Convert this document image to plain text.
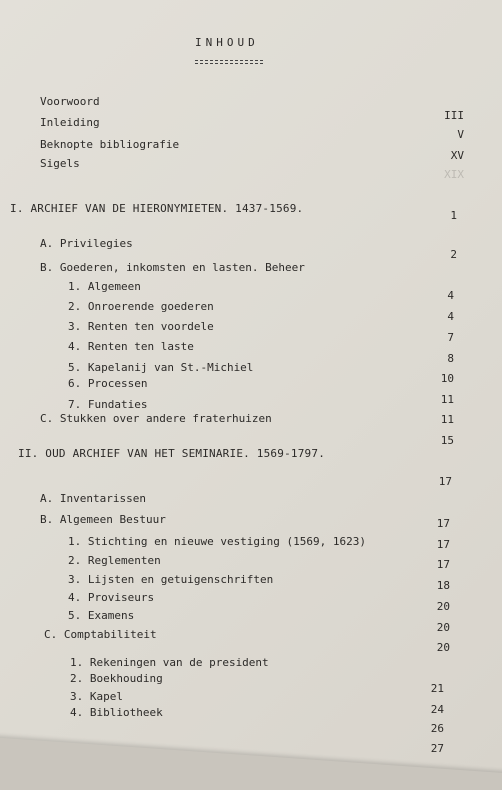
INHOUD
Voorwoord
Inleiding
Beknopte bibliografie
Sigels
III
V
XV
XIX
I. ARCHIEF VAN DE HIERONYMIETEN. 1437-1569.
1
A. Privilegies
2
B. Goederen, inkomsten en lasten. Beheer
1. Algemeen
2. Onroerende goederen
3. Renten ten voordele
4. Renten ten laste
5. Kapelanij van St.-Michiel
6. Processen
7. Fundaties
4
4
7
8
10
11
11
C. Stukken over andere fraterhuizen
15
II. OUD ARCHIEF VAN HET SEMINARIE. 1569-1797.
17
A. Inventarissen
17
B. Algemeen Bestuur
17
1. Stichting en nieuwe vestiging (1569, 1623)
2. Reglementen
3. Lijsten en getuigenschriften
4. Proviseurs
5. Examens
17
18
20
20
20
C. Comptabiliteit
1. Rekeningen van de president
2. Boekhouding
3. Kapel
4. Bibliotheek
21
24
26
27
